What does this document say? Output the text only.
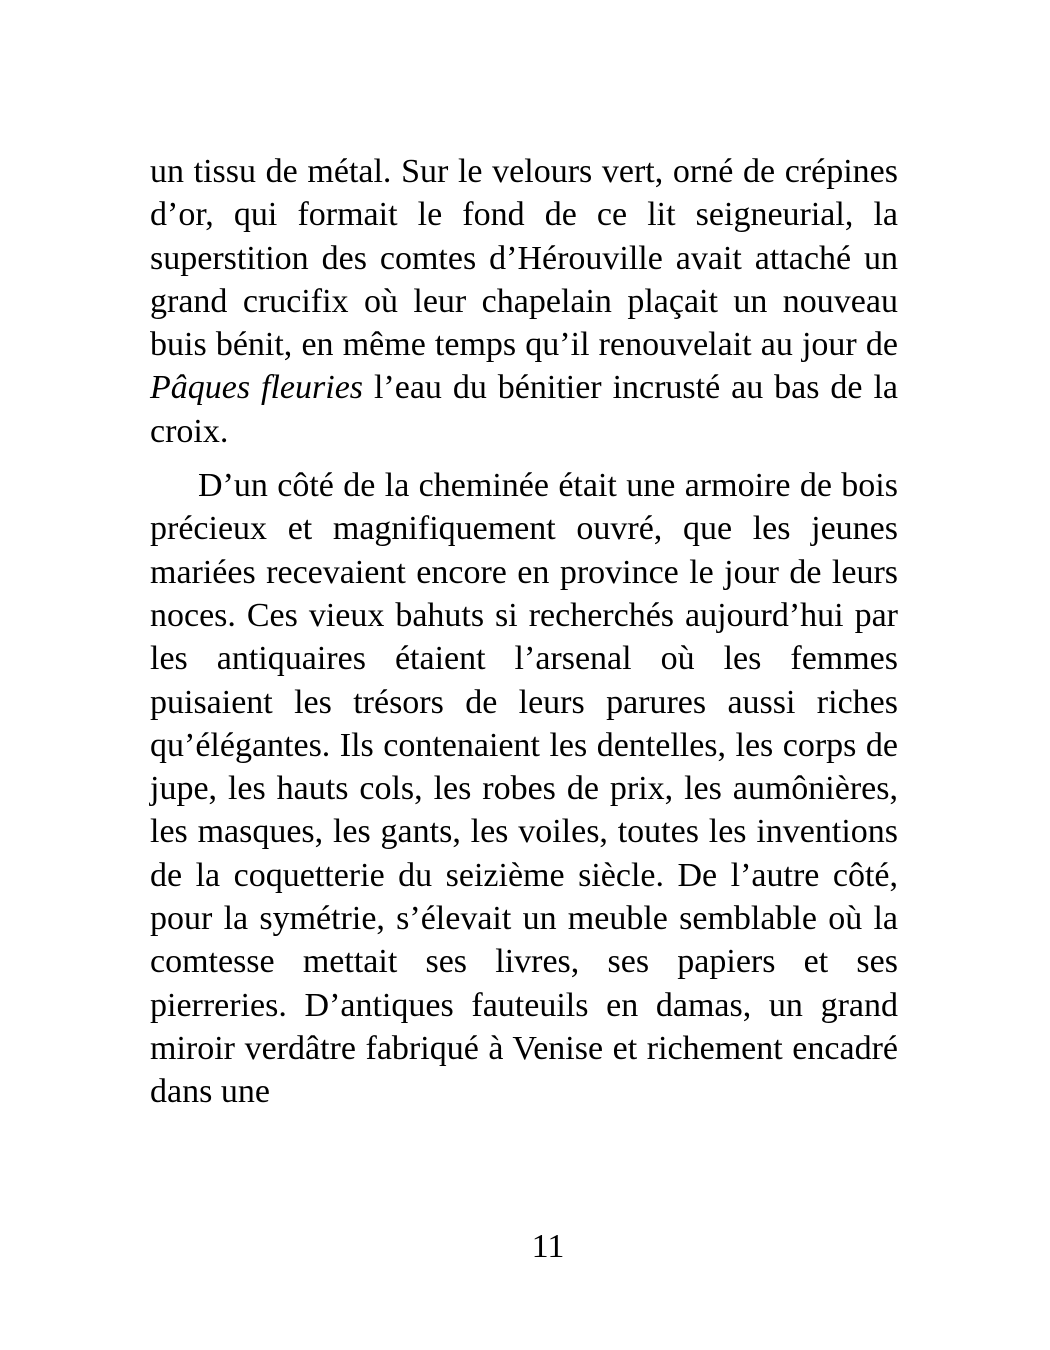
un tissu de métal. Sur le velours vert, orné de crépines d’or, qui formait le fond de ce lit seigneurial, la superstition des comtes d’Hérouville avait attaché un grand crucifix où leur chapelain plaçait un nouveau buis bénit, en même temps qu’il renouvelait au jour de Pâques fleuries l’eau du bénitier incrusté au bas de la croix.

D’un côté de la cheminée était une armoire de bois précieux et magnifiquement ouvré, que les jeunes mariées recevaient encore en province le jour de leurs noces. Ces vieux bahuts si recherchés aujourd’hui par les antiquaires étaient l’arsenal où les femmes puisaient les trésors de leurs parures aussi riches qu’élégantes. Ils contenaient les dentelles, les corps de jupe, les hauts cols, les robes de prix, les aumônières, les masques, les gants, les voiles, toutes les inventions de la coquetterie du seizième siècle. De l’autre côté, pour la symétrie, s’élevait un meuble semblable où la comtesse mettait ses livres, ses papiers et ses pierreries. D’antiques fauteuils en damas, un grand miroir verdâtre fabriqué à Venise et richement encadré dans une

11
